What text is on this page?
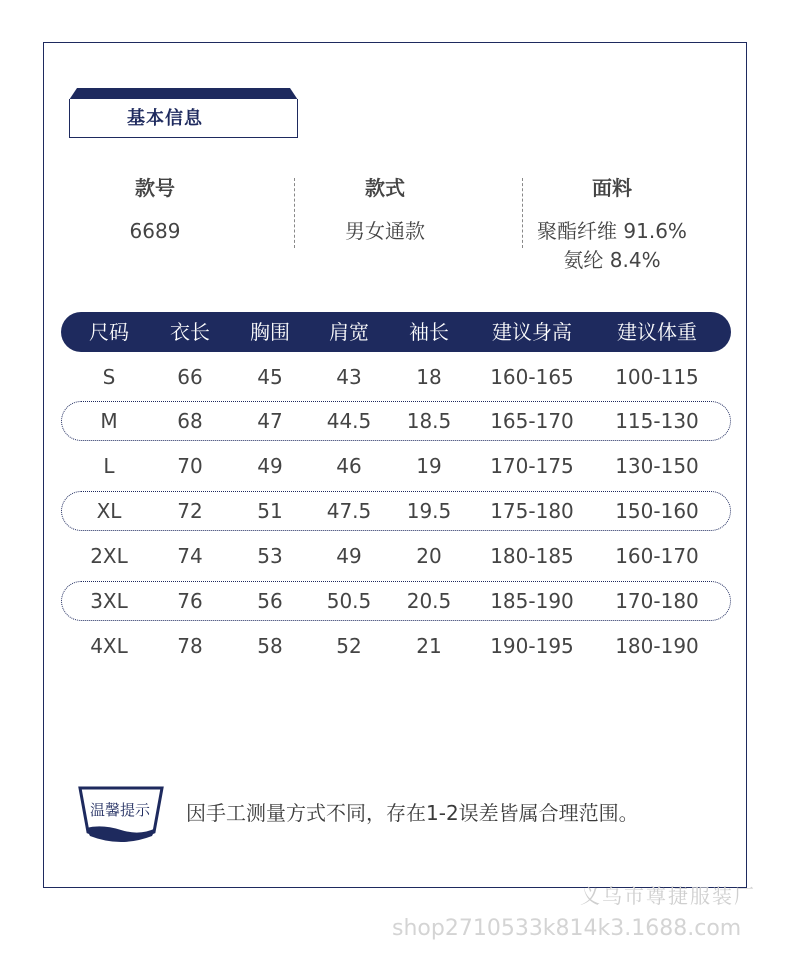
基本信息
款号
6689
款式
男女通款
面料
聚酯纤维 91.6%
氨纶 8.4%
尺码 衣长 胸围 肩宽 袖长 建议身高 建议体重
S	66	45	43	18 160-165 100-115
M	68	47 44.5 18.5 165-170 115-130
L	70	49	46	19 170-175 130-150
XL	72	51 47.5 19.5 175-180 150-160
2XL 74	53	49	20 180-185 160-170
3XL 76	56 50.5 20.5 185-190 170-180
4XL 78	58	52	21 190-195 180-190
温馨提示 因手工测量方式不同，存在1-2误差皆属合理范围。
义乌市尊捷服装厂
shop2710533k814k3.1688.com
